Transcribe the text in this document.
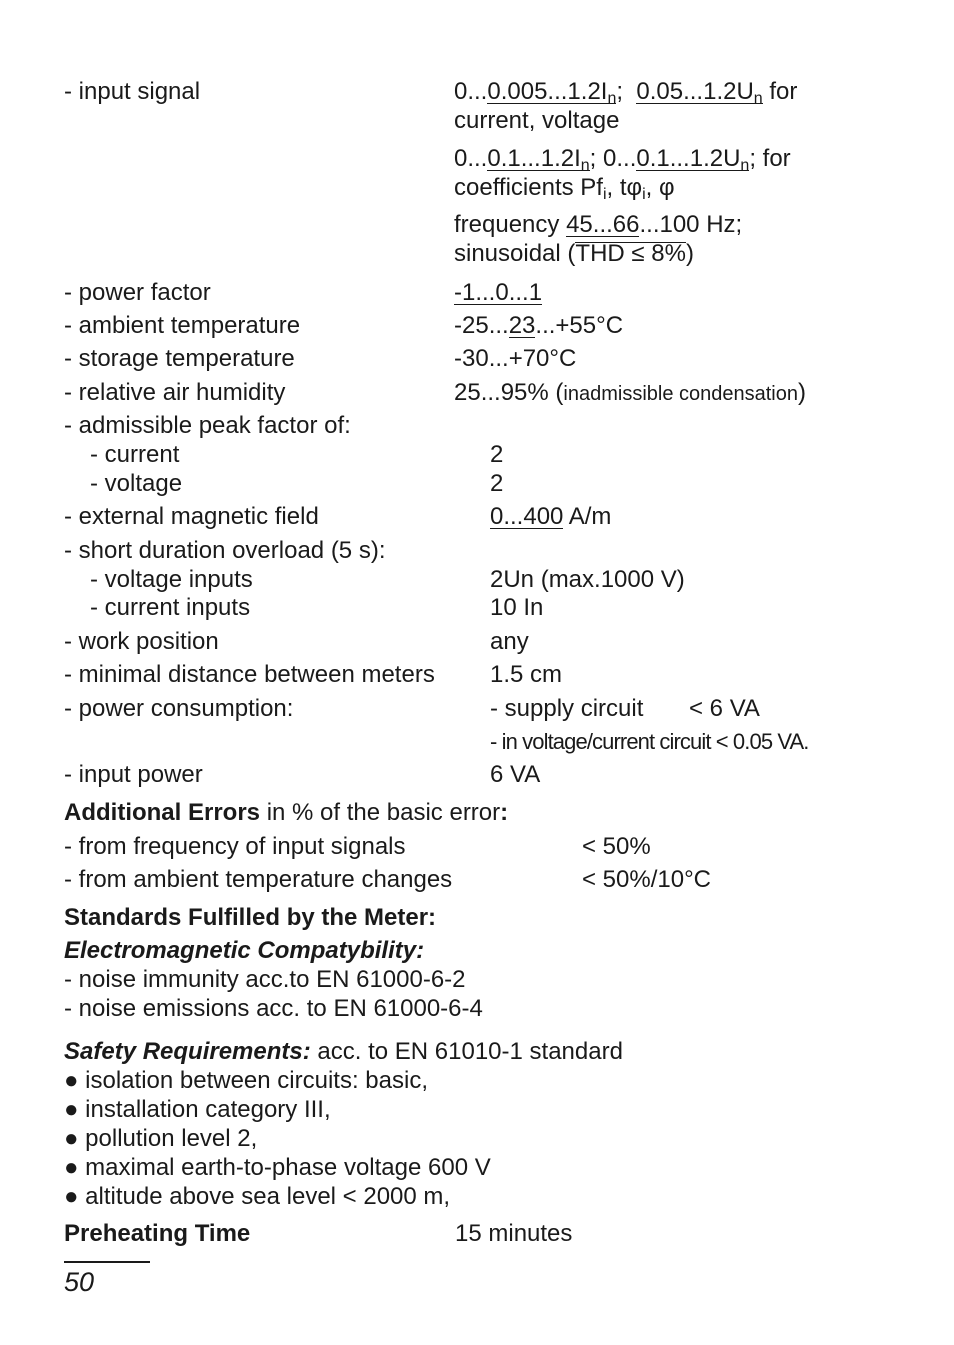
- input signal	$0...0.005...1.2I_n$; $0.05...1.2U_n$ for
current, voltage
$0...0.1...1.2I_n$; $0...0.1...1.2U_n$; for
coefficients $Pf_i$, $t\varphi_i$, φ
frequency 45...66...100 Hz;
sinusoidal (THD ≤ 8%)
- power factor	-1...0...1
- ambient temperature	-25...23...+55°C
- storage temperature	-30...+70°C
- relative air humidity	25...95% (inadmissible condensation)
- admissible peak factor of:
- current	2
- voltage	2
- external magnetic field	0...400 A/m
- short duration overload (5 s):
- voltage inputs	2Un (max.1000 V)
- current inputs	10 In
- work position	any
- minimal distance between meters 1.5 cm
- power consumption:	- supply circuit < 6 VA
- in voltage/current circuit < 0.05 VA.
- input power	6 VA
Additional Errors in % of the basic error:
- from frequency of input signals	< 50%
- from ambient temperature changes	< 50%/10°C
Standards Fulfilled by the Meter:
Electromagnetic Compatybility:
- noise immunity acc.to EN 61000-6-2
- noise emissions acc. to EN 61000-6-4
Safety Requirements: acc. to EN 61010-1 standard
● isolation between circuits: basic,
● installation category III,
● pollution level 2,
● maximal earth-to-phase voltage 600 V
● altitude above sea level < 2000 m,
Preheating Time	15 minutes
50
